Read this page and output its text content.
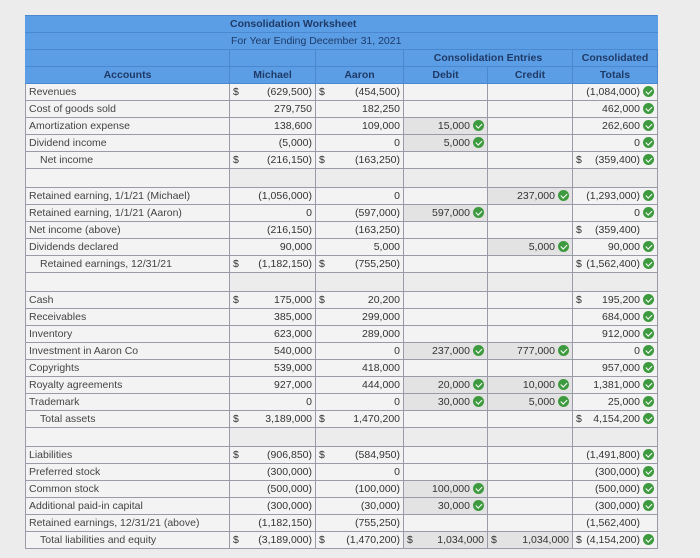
Consolidation Worksheet					
For Year Ending December 31, 2021					
			Consolidation Entries		Consolidated
Accounts	Michael	Aaron	Debit	Credit	Totals
Revenues	$ (629,500)	$ (454,500)			(1,084,000)
Cost of goods sold	279,750	182,250			462,000
Amortization expense	138,600	109,000	15,000		262,600
Dividend income	(5,000)	0	5,000		0
Net income	$ (216,150)	$ (163,250)			$ (359,400)

Retained earning, 1/1/21 (Michael)	(1,056,000)	0		237,000	(1,293,000)
Retained earning, 1/1/21 (Aaron)	0	(597,000)	597,000		0
Net income (above)	(216,150)	(163,250)			$ (359,400)
Dividends declared	90,000	5,000		5,000	90,000
Retained earnings, 12/31/21	$ (1,182,150)	$ (755,250)			$ (1,562,400)

Cash	$ 175,000	$ 20,200			$ 195,200
Receivables	385,000	299,000			684,000
Inventory	623,000	289,000			912,000
Investment in Aaron Co	540,000	0	237,000	777,000	0
Copyrights	539,000	418,000			957,000
Royalty agreements	927,000	444,000	20,000	10,000	1,381,000
Trademark	0	0	30,000	5,000	25,000
Total assets	$ 3,189,000	$ 1,470,200			$ 4,154,200

Liabilities	$ (906,850)	$ (584,950)			(1,491,800)
Preferred stock	(300,000)	0			(300,000)
Common stock	(500,000)	(100,000)	100,000		(500,000)
Additional paid-in capital	(300,000)	(30,000)	30,000		(300,000)
Retained earnings, 12/31/21 (above)	(1,182,150)	(755,250)			(1,562,400)
Total liabilities and equity	$ (3,189,000)	$ (1,470,200)	$ 1,034,000	$ 1,034,000	$ (4,154,200)
